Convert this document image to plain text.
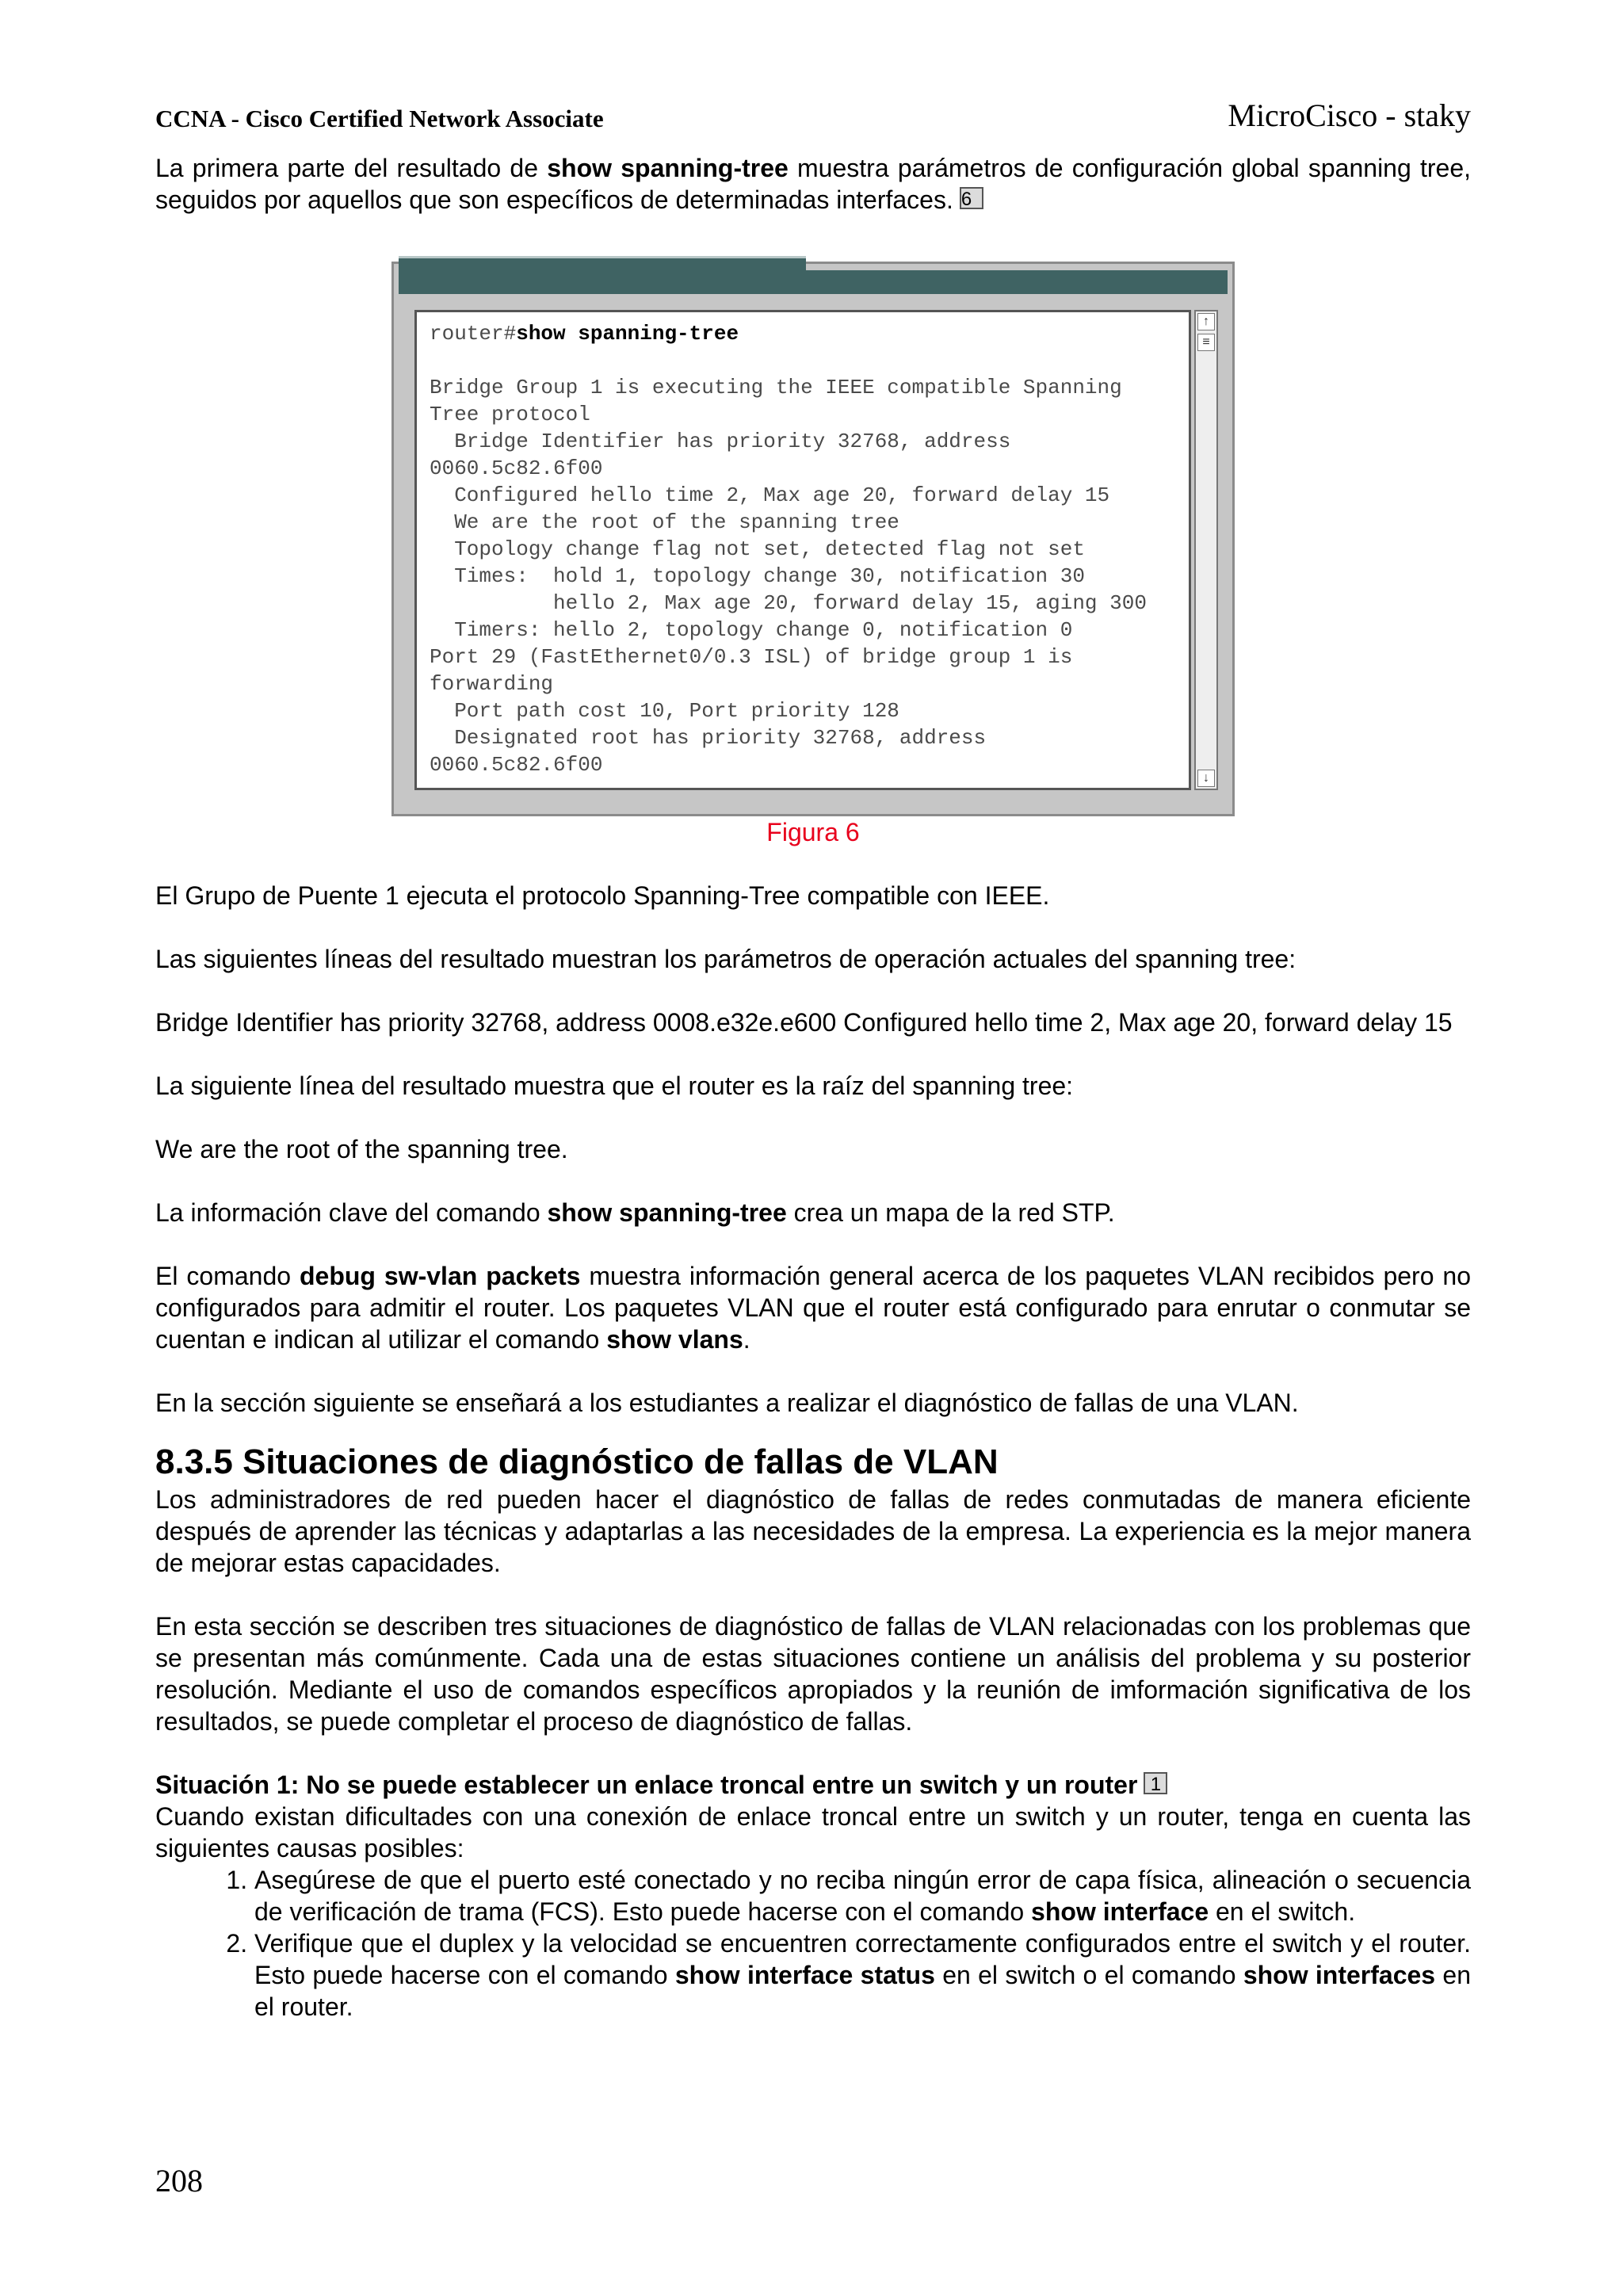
CCNA - Cisco Certified Network Associate	MicroCisco - staky

La primera parte del resultado de show spanning-tree muestra parámetros de configuración global spanning tree, seguidos por aquellos que son específicos de determinadas interfaces. 6

router#show spanning-tree

Bridge Group 1 is executing the IEEE compatible Spanning
Tree protocol
Bridge Identifier has priority 32768, address
0060.5c82.6f00
Configured hello time 2, Max age 20, forward delay 15
We are the root of the spanning tree
Topology change flag not set, detected flag not set
Times:  hold 1, topology change 30, notification 30
hello 2, Max age 20, forward delay 15, aging 300
Timers: hello 2, topology change 0, notification 0
Port 29 (FastEthernet0/0.3 ISL) of bridge group 1 is
forwarding
Port path cost 10, Port priority 128
Designated root has priority 32768, address
0060.5c82.6f00
↑
≡
↓

Figura 6

El Grupo de Puente 1 ejecuta el protocolo Spanning-Tree compatible con IEEE.

Las siguientes líneas del resultado muestran los parámetros de operación actuales del spanning tree:

Bridge Identifier has priority 32768, address 0008.e32e.e600 Configured hello time 2, Max age 20, forward delay 15

La siguiente línea del resultado muestra que el router es la raíz del spanning tree:

We are the root of the spanning tree.

La información clave del comando show spanning-tree crea un mapa de la red STP.

El comando debug sw-vlan packets muestra información general acerca de los paquetes VLAN recibidos pero no configurados para admitir el router. Los paquetes VLAN que el router está configurado para enrutar o conmutar se cuentan e indican al utilizar el comando show vlans.

En la sección siguiente se enseñará a los estudiantes a realizar el diagnóstico de fallas de una VLAN.

8.3.5 Situaciones de diagnóstico de fallas de VLAN

Los administradores de red pueden hacer el diagnóstico de fallas de redes conmutadas de manera eficiente después de aprender las técnicas y adaptarlas a las necesidades de la empresa. La experiencia es la mejor manera de mejorar estas capacidades.

En esta sección se describen tres situaciones de diagnóstico de fallas de VLAN relacionadas con los problemas que se presentan más comúnmente. Cada una de estas situaciones contiene un análisis del problema y su posterior resolución. Mediante el uso de comandos específicos apropiados y la reunión de imformación significativa de los resultados, se puede completar el proceso de diagnóstico de fallas.

Situación 1: No se puede establecer un enlace troncal entre un switch y un router 1

Cuando existan dificultades con una conexión de enlace troncal entre un switch y un router, tenga en cuenta las siguientes causas posibles:

1. Asegúrese de que el puerto esté conectado y no reciba ningún error de capa física, alineación o secuencia de verificación de trama (FCS). Esto puede hacerse con el comando show interface en el switch.
2. Verifique que el duplex y la velocidad se encuentren correctamente configurados entre el switch y el router. Esto puede hacerse con el comando show interface status en el switch o el comando show interfaces en el router.
208
